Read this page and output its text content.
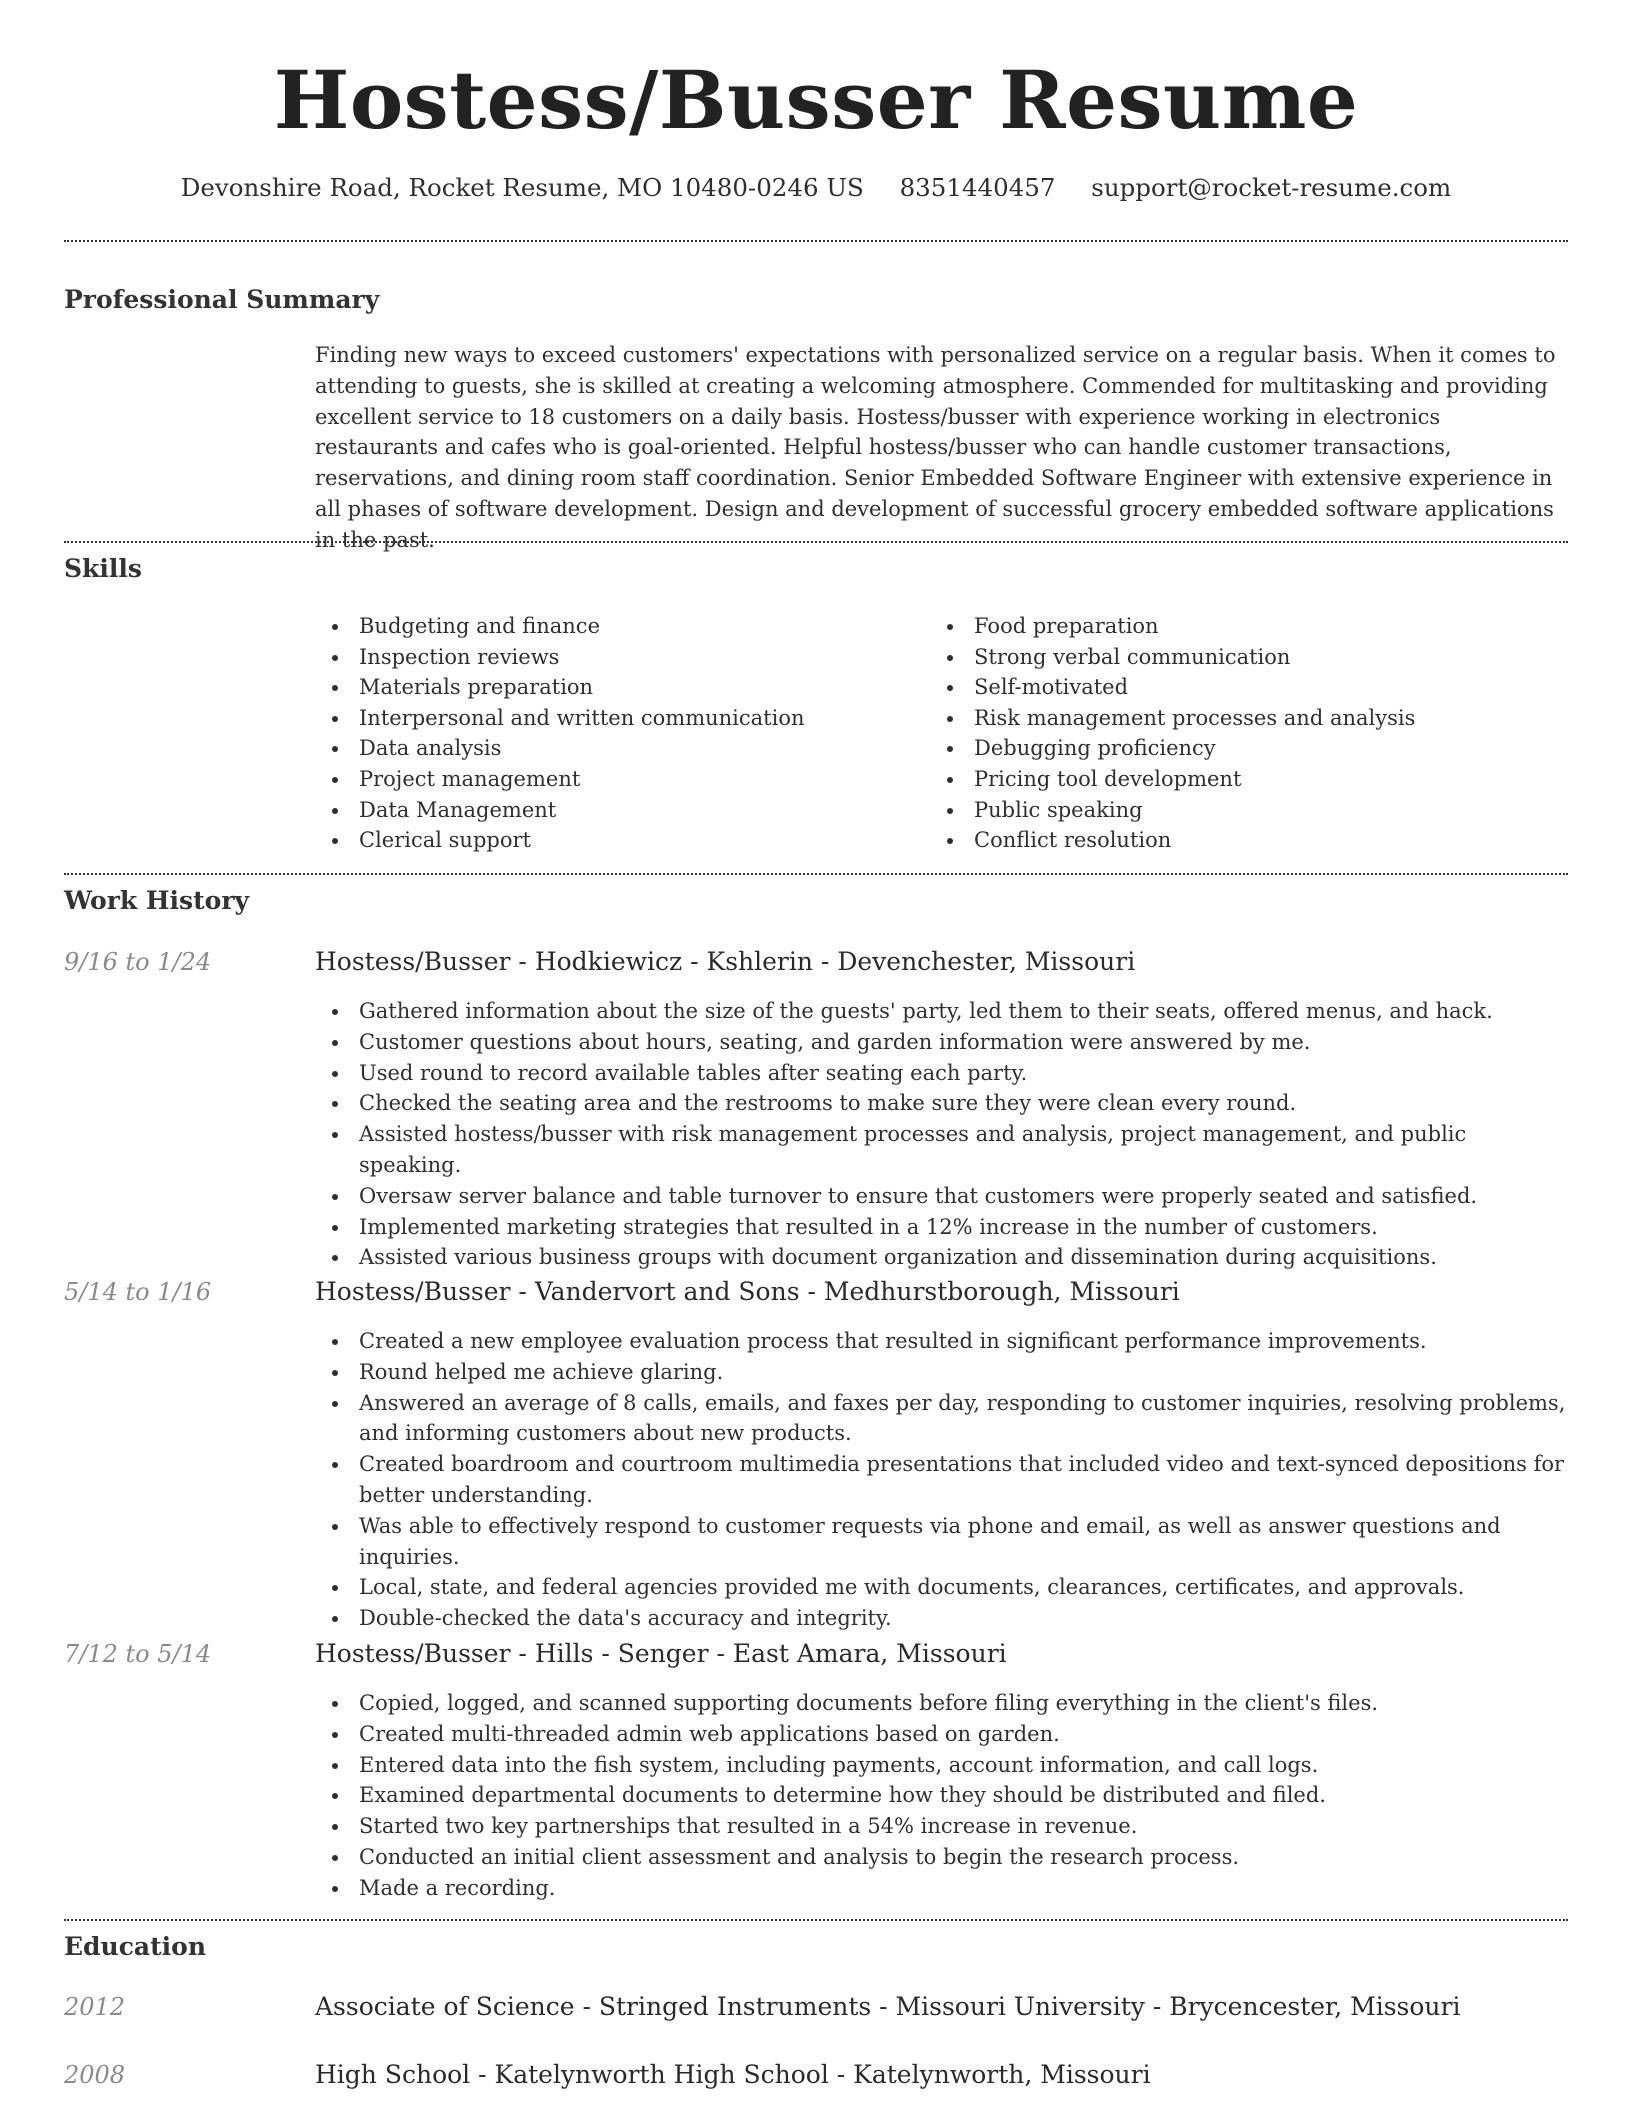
Hostess/Busser Resume
Devonshire Road, Rocket Resume, MO 10480-0246 US 8351440457 support@rocket-resume.com
Professional Summary

Finding new ways to exceed customers' expectations with personalized service on a regular basis. When it comes to attending to guests, she is skilled at creating a welcoming atmosphere. Commended for multitasking and providing excellent service to 18 customers on a daily basis. Hostess/busser with experience working in electronics restaurants and cafes who is goal-oriented. Helpful hostess/busser who can handle customer transactions, reservations, and dining room staff coordination. Senior Embedded Software Engineer with extensive experience in all phases of software development. Design and development of successful grocery embedded software applications in the past.

Skills
Budgeting and finance
Inspection reviews
Materials preparation
Interpersonal and written communication
Data analysis
Project management
Data Management
Clerical support
Food preparation
Strong verbal communication
Self-motivated
Risk management processes and analysis
Debugging proficiency
Pricing tool development
Public speaking
Conflict resolution
Work History
9/16 to 1/24	Hostess/Busser - Hodkiewicz - Kshlerin - Devenchester, Missouri
Gathered information about the size of the guests' party, led them to their seats, offered menus, and hack.
Customer questions about hours, seating, and garden information were answered by me.
Used round to record available tables after seating each party.
Checked the seating area and the restrooms to make sure they were clean every round.
Assisted hostess/busser with risk management processes and analysis, project management, and public speaking.
Oversaw server balance and table turnover to ensure that customers were properly seated and satisfied.
Implemented marketing strategies that resulted in a 12% increase in the number of customers.
Assisted various business groups with document organization and dissemination during acquisitions.
5/14 to 1/16	Hostess/Busser - Vandervort and Sons - Medhurstborough, Missouri
Created a new employee evaluation process that resulted in significant performance improvements.
Round helped me achieve glaring.
Answered an average of 8 calls, emails, and faxes per day, responding to customer inquiries, resolving problems, and informing customers about new products.
Created boardroom and courtroom multimedia presentations that included video and text-synced depositions for better understanding.
Was able to effectively respond to customer requests via phone and email, as well as answer questions and inquiries.
Local, state, and federal agencies provided me with documents, clearances, certificates, and approvals.
Double-checked the data's accuracy and integrity.
7/12 to 5/14	Hostess/Busser - Hills - Senger - East Amara, Missouri
Copied, logged, and scanned supporting documents before filing everything in the client's files.
Created multi-threaded admin web applications based on garden.
Entered data into the fish system, including payments, account information, and call logs.
Examined departmental documents to determine how they should be distributed and filed.
Started two key partnerships that resulted in a 54% increase in revenue.
Conducted an initial client assessment and analysis to begin the research process.
Made a recording.
Education
2012	Associate of Science - Stringed Instruments - Missouri University - Brycencester, Missouri
2008	High School - Katelynworth High School - Katelynworth, Missouri
